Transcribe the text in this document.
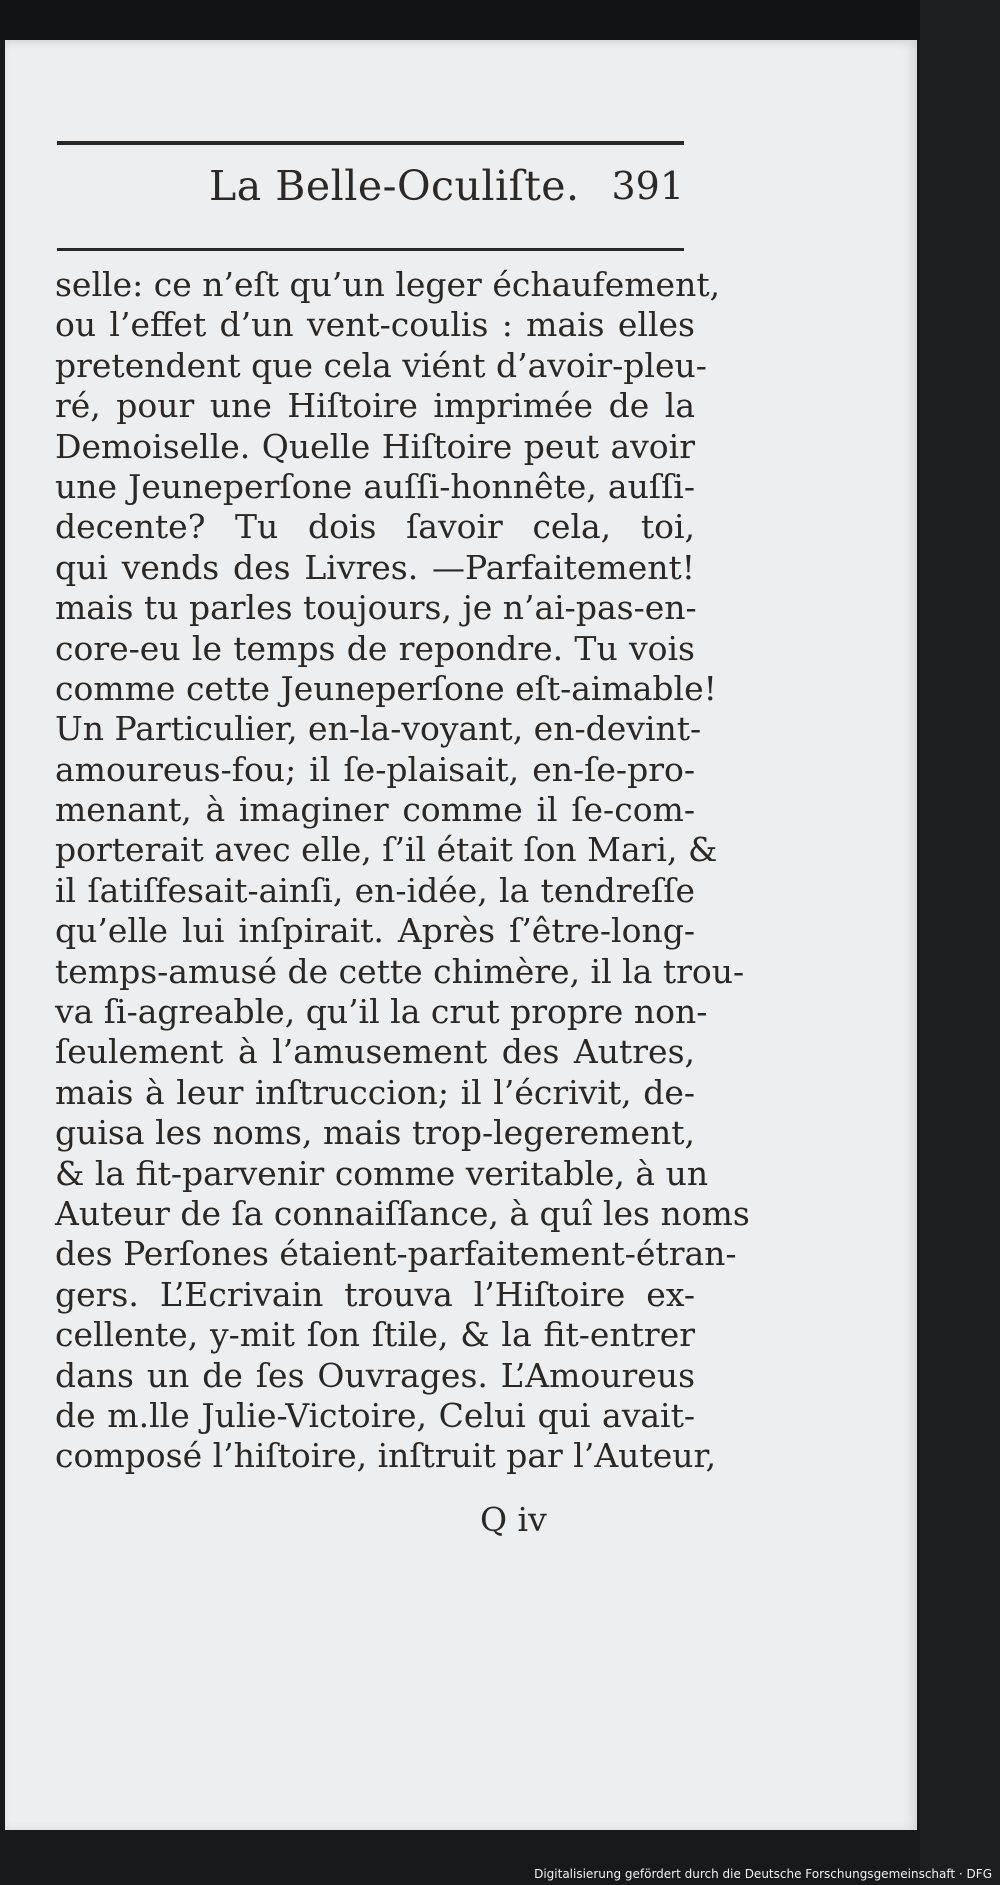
La Belle-Oculiſte. 391
selle: ce n’eſt qu’un leger échaufement,
ou l’effet d’un vent-coulis : mais elles
pretendent que cela viént d’avoir-pleu-
ré, pour une Hiſtoire imprimée de la
Demoiselle. Quelle Hiſtoire peut avoir
une Jeuneperſone auſſi-honnête, auſſi-
decente? Tu dois ſavoir cela, toi,
qui vends des Livres. —Parfaitement!
mais tu parles toujours, je n’ai-pas-en-
core-eu le temps de repondre. Tu vois
comme cette Jeuneperſone eſt-aimable!
Un Particulier, en-la-voyant, en-devint-
amoureus-fou; il ſe-plaisait, en-ſe-pro-
menant, à imaginer comme il ſe-com-
porterait avec elle, ſ’il était ſon Mari, &
il ſatiſfesait-ainſi, en-idée, la tendreſſe
qu’elle lui inſpirait. Après ſ’être-long-
temps-amusé de cette chimère, il la trou-
va ſi-agreable, qu’il la crut propre non-
ſeulement à l’amusement des Autres,
mais à leur inſtruccion; il l’écrivit, de-
guisa les noms, mais trop-legerement,
& la fit-parvenir comme veritable, à un
Auteur de ſa connaiſſance, à quî les noms
des Perſones étaient-parfaitement-étran-
gers. L’Ecrivain trouva l’Hiſtoire ex-
cellente, y-mit ſon ſtile, & la fit-entrer
dans un de ſes Ouvrages. L’Amoureus
de m.lle Julie-Victoire, Celui qui avait-
composé l’hiſtoire, inſtruit par l’Auteur,
Q iv
Digitalisierung gefördert durch die Deutsche Forschungsgemeinschaft · DFG
